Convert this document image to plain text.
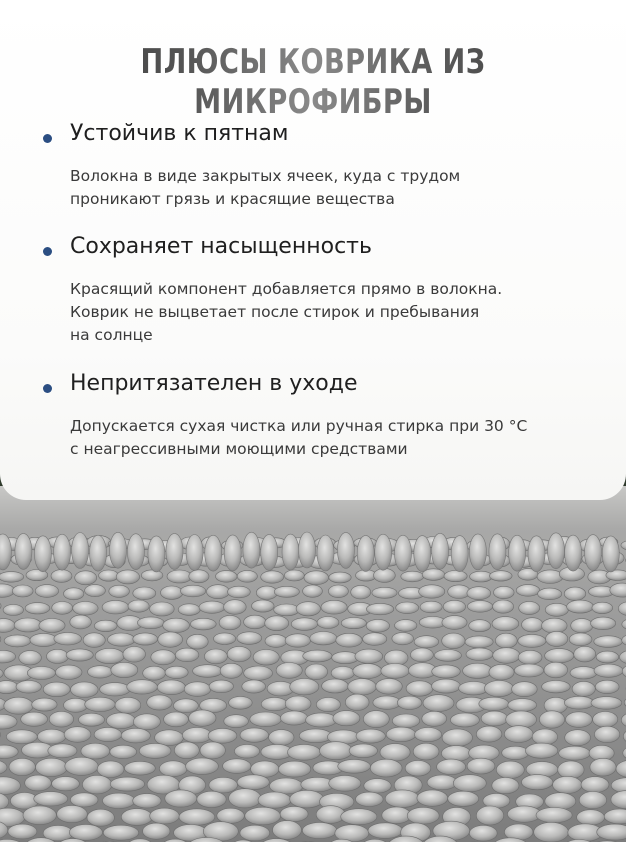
ПЛЮСЫ КОВРИКА ИЗ МИКРОФИБРЫ
Устойчив к пятнам
Волокна в виде закрытых ячеек, куда с трудом
проникают грязь и красящие вещества
Сохраняет насыщенность
Красящий компонент добавляется прямо в волокна.
Коврик не выцветает после стирок и пребывания
на солнце
Непритязателен в уходе
Допускается сухая чистка или ручная стирка при 30 °C
с неагрессивными моющими средствами
